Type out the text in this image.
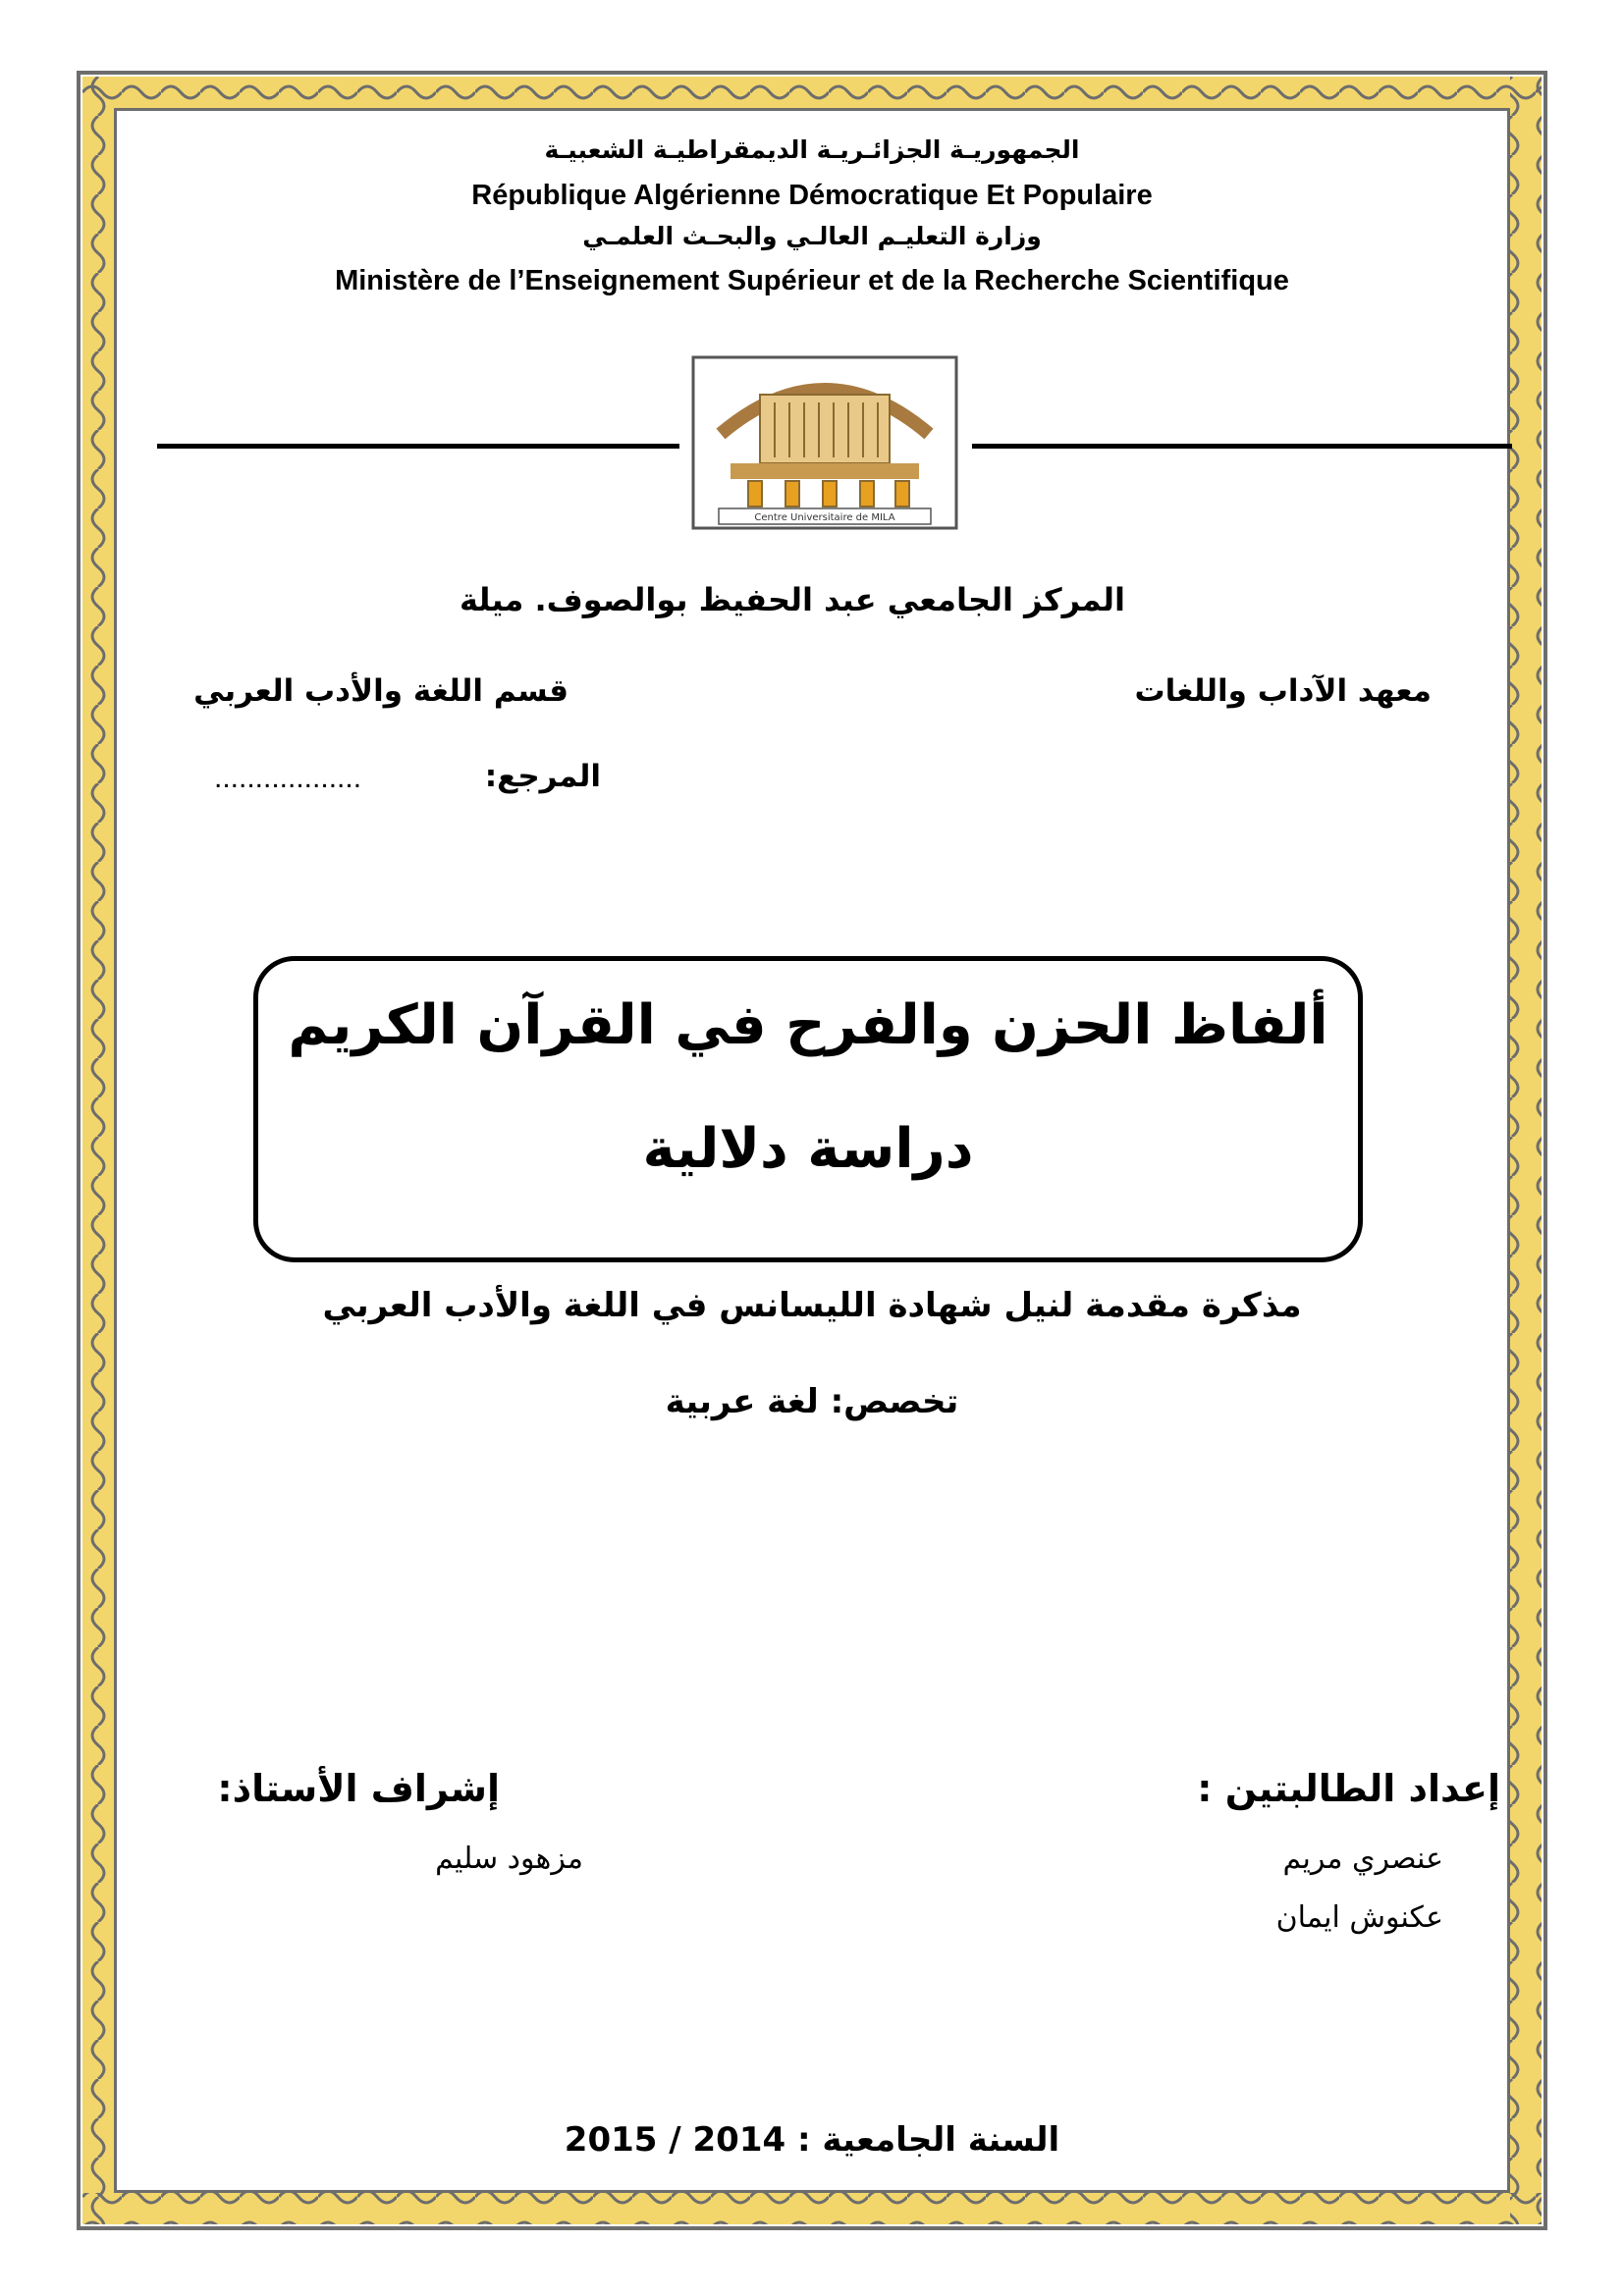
الجمهوريـة الجزائـريـة الديمقراطيـة الشعبيـة
République Algérienne Démocratique Et Populaire
وزارة التعليـم العالـي والبحـث العلمـي
Ministère de l’Enseignement Supérieur et de la Recherche Scientifique
Centre Universitaire de MILA
المركز الجامعي عبد الحفيظ بوالصوف. ميلة
معهد الآداب واللغات
قسم اللغة والأدب العربي
المرجع:
..................
ألفاظ الحزن والفرح في القرآن الكريم
دراسة دلالية
مذكرة مقدمة لنيل شهادة الليسانس في اللغة والأدب العربي
تخصص: لغة عربية
إعداد الطالبتين :
عنصري مريم
عكنوش ايمان
إشراف الأستاذ:
مزهود سليم
السنة الجامعية : 2014 / 2015
